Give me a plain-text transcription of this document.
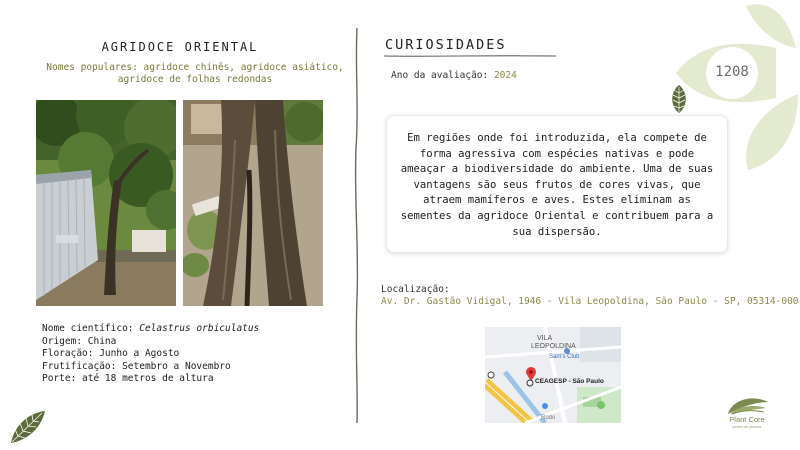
AGRIDOCE ORIENTAL
Nomes populares: agridoce chinês, agridoce asiático, agridoce de folhas redondas
Nome científico: Celastrus orbiculatus
Origem: China
Floração: Junho a Agosto
Frutificação: Setembro a Novembro
Porte: até 18 metros de altura
CURIOSIDADES
Ano da avaliação: 2024

Em regiões onde foi introduzida, ela compete de forma agressiva com espécies nativas e pode ameaçar a biodiversidade do ambiente. Uma de suas vantagens são seus frutos de cores vivas, que atraem mamíferos e aves. Estes eliminam as sementes da agridoce Oriental e contribuem para a sua dispersão.

Localização:
Av. Dr. Gastão Vidigal, 1946 - Vila Leopoldina, São Paulo - SP, 05314-000
VILA
LEOPOLDINA
Sam's Club
CEAGESP - São Paulo
Rodo
1208
Plant Core
jardim de plantas
